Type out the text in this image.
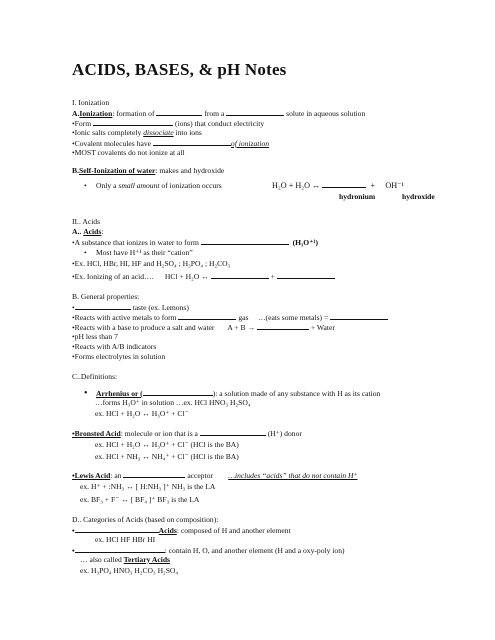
ACIDS, BASES, & pH Notes
I. Ionization
A.Ionization: formation of	from a	solute in aqueous solution
•Form	(ions) that conduct electricity
•Ionic salts completely dissociate into ions
•Covalent molecules have	of ionization
•MOST covalents do not ionize at all
B.Self-Ionization of water: makes and hydroxide
• Only a small amount of ionization occurs	H₂O + H₂O ↔	+ OH⁻¹
hydronium	hydroxide
II.. Acids
A.. Acids:
•A substance that ionizes in water to form	(H₃O⁺¹)
• Most have H⁺¹ as their “cation”
•Ex. HCl, HBr, HI, HF and H₂SO₄ ; H₃PO₄ ; H₂CO₃
•Ex. Ionizing of an acid…. HCl + H₂O ↔	+
B. General properties:
•	taste (ex. Lemons)
•Reacts with active metals to form	gas …(eats some metals) =
•Reacts with a base to produce a salt and water A + B →	+ Water
•pH less than 7
•Reacts with A/B indicators
•Forms electrolytes in solution
C..Definitions:
• Arrhenius or (	): a solution made of any substance with H as its cation
…forms H₃O⁺ in solution …ex. HCl HNO₃ H₂SO₄
ex. HCl + H₂O ↔ H₃O⁺ + Cl⁻
•Bronsted Acid: molecule or ion that is a	(H⁺) donor
ex. HCl + H₂O ↔ H₃O⁺ + Cl⁻ (HCl is the BA)
ex. HCl + NH₃ ↔ NH₄⁺ + Cl⁻ (HCl is the BA)
•Lewis Acid: an	acceptor …includes “acids” that do not contain H⁺
ex. H⁺ + :NH₃ ↔ [ H:NH₃ ]⁺ NH₃ is the LA
ex. BF₃ + F⁻ ↔ [ BF₄ ]⁺ BF₃ is the LA
D.. Categories of Acids (based on composition):
•	Acids: composed of H and another element
ex. HCl HF HBr HI
•	: contain H, O, and another element (H and a oxy-poly ion)
… also called Tertiary Acids
ex. H₃PO₄ HNO₃ H₂CO₃ H₂SO₄
